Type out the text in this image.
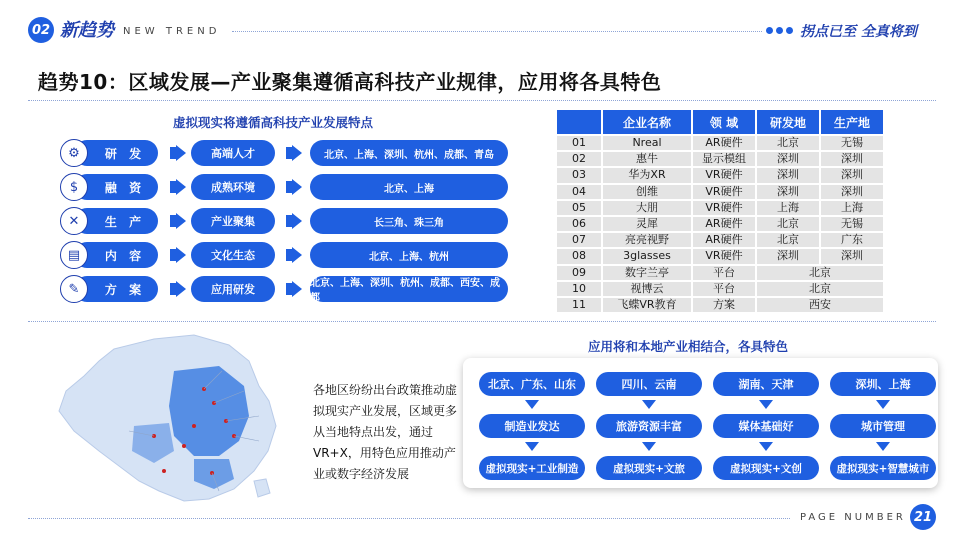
02 新趋势 NEW TREND	拐点已至 全真将到
趋势10：区域发展—产业聚集遵循高科技产业规律，应用将各具特色
虚拟现实将遵循高科技产业发展特点
研 发
⚙	高端人才	北京、上海、深圳、杭州、成都、青岛
融 资
$	成熟环境	北京、上海
生 产
✕	产业聚集	长三角、珠三角
内 容
▤	文化生态	北京、上海、杭州
方 案
✎	应用研发	北京、上海、深圳、杭州、成都、西安、成都
	企业名称	领 域	研发地	生产地
01	Nreal	AR硬件	北京	无锡
02	惠牛	显示模组	深圳	深圳
03	华为XR	VR硬件	深圳	深圳
04	创维	VR硬件	深圳	深圳
05	大朋	VR硬件	上海	上海
06	灵犀	AR硬件	北京	无锡
07	亮亮视野	AR硬件	北京	广东
08	3glasses	VR硬件	深圳	深圳
09	数字兰亭	平台	北京	
10	视博云	平台	北京	
11	飞蝶VR教育	方案	西安	
各地区纷纷出台政策推动虚拟现实产业发展，区域更多从当地特点出发，通过VR+X，用特色应用推动产业或数字经济发展
应用将和本地产业相结合，各具特色
北京、广东、山东
制造业发达
虚拟现实+工业制造
四川、云南
旅游资源丰富
虚拟现实+文旅
湖南、天津
媒体基础好
虚拟现实+文创
深圳、上海
城市管理
虚拟现实+智慧城市
PAGE NUMBER 21
